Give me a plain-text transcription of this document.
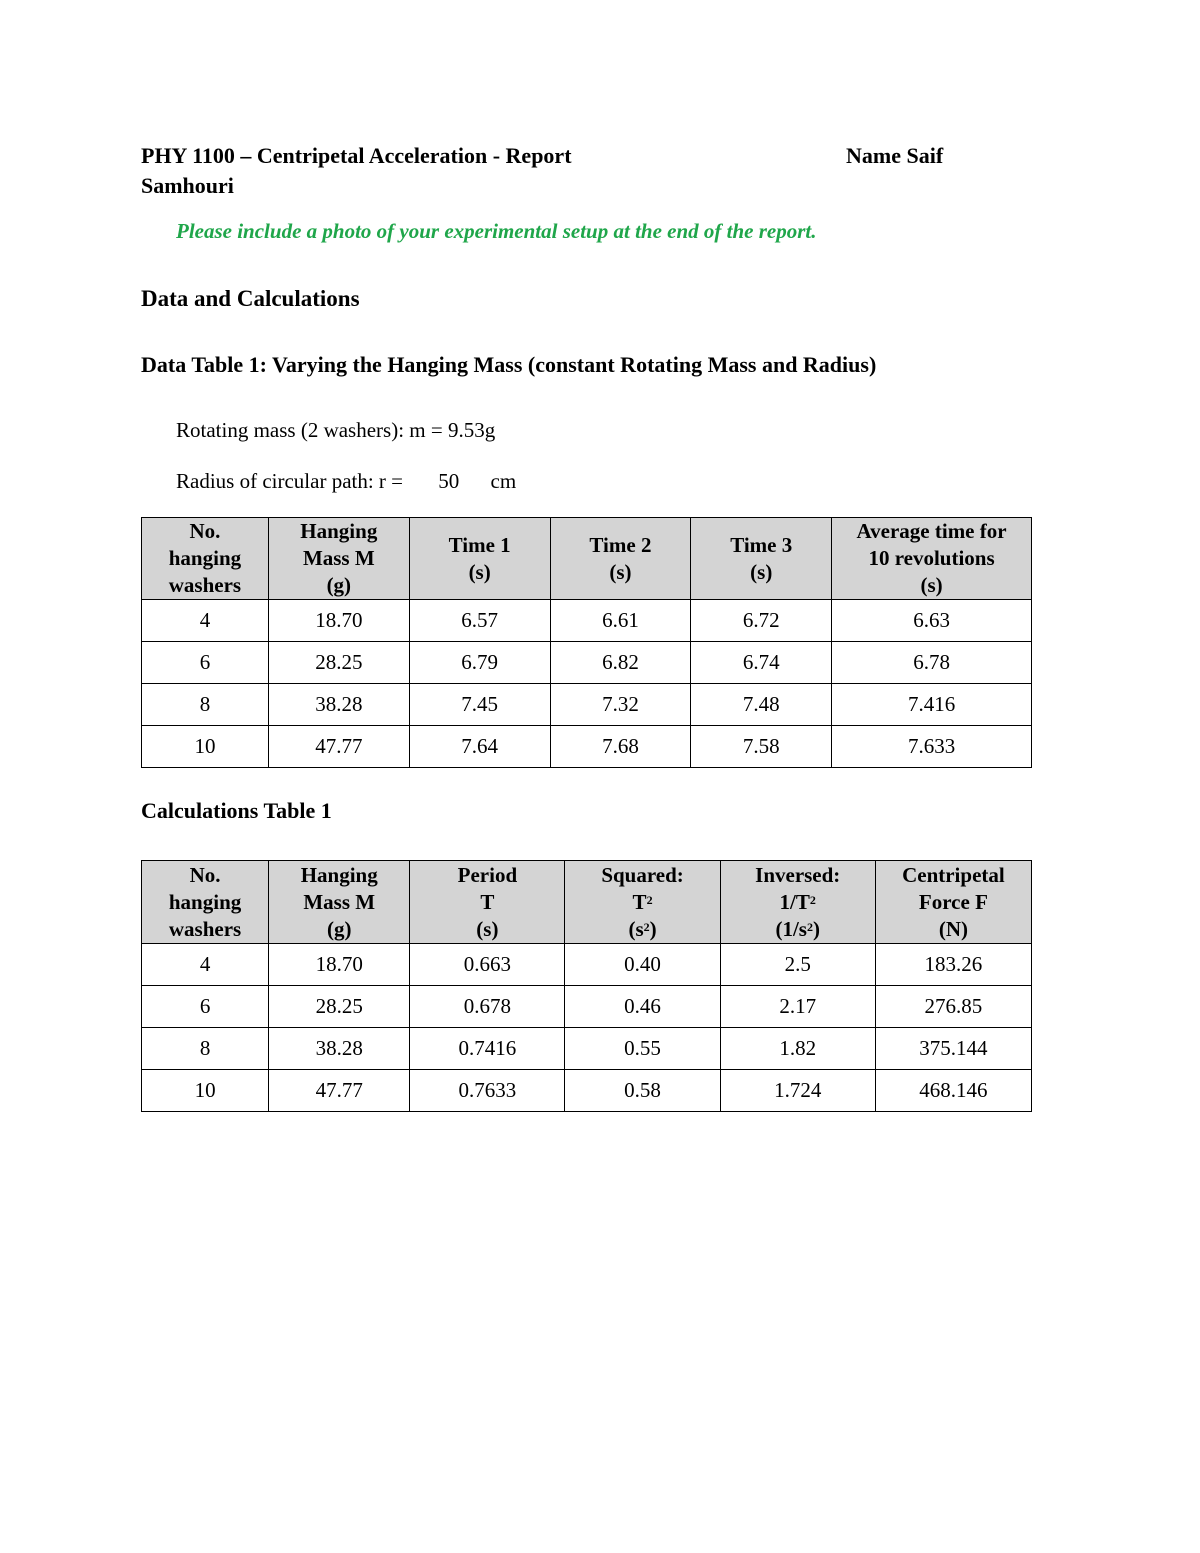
PHY 1100 – Centripetal Acceleration - Report	Name Saif
Samhouri
Please include a photo of your experimental setup at the end of the report.
Data and Calculations
Data Table 1: Varying the Hanging Mass (constant Rotating Mass and Radius)
Rotating mass (2 washers): m = 9.53g
Radius of circular path: r = 50 cm
No.
hanging
washers	Hanging
Mass M
(g)	Time 1
(s)	Time 2
(s)	Time 3
(s)	Average time for
10 revolutions
(s)

4	18.70	6.57	6.61	6.72	6.63
6	28.25	6.79	6.82	6.74	6.78
8	38.28	7.45	7.32	7.48	7.416
10	47.77	7.64	7.68	7.58	7.633
Calculations Table 1
No.
hanging
washers	Hanging
Mass M
(g)	Period
T
(s)	Squared:
$T^2$
$(s^2)$	Inversed:
$1/T^2$
$(1/s^2)$	Centripetal
Force F
(N)

4	18.70	0.663	0.40	2.5	183.26
6	28.25	0.678	0.46	2.17	276.85
8	38.28	0.7416	0.55	1.82	375.144
10	47.77	0.7633	0.58	1.724	468.146
